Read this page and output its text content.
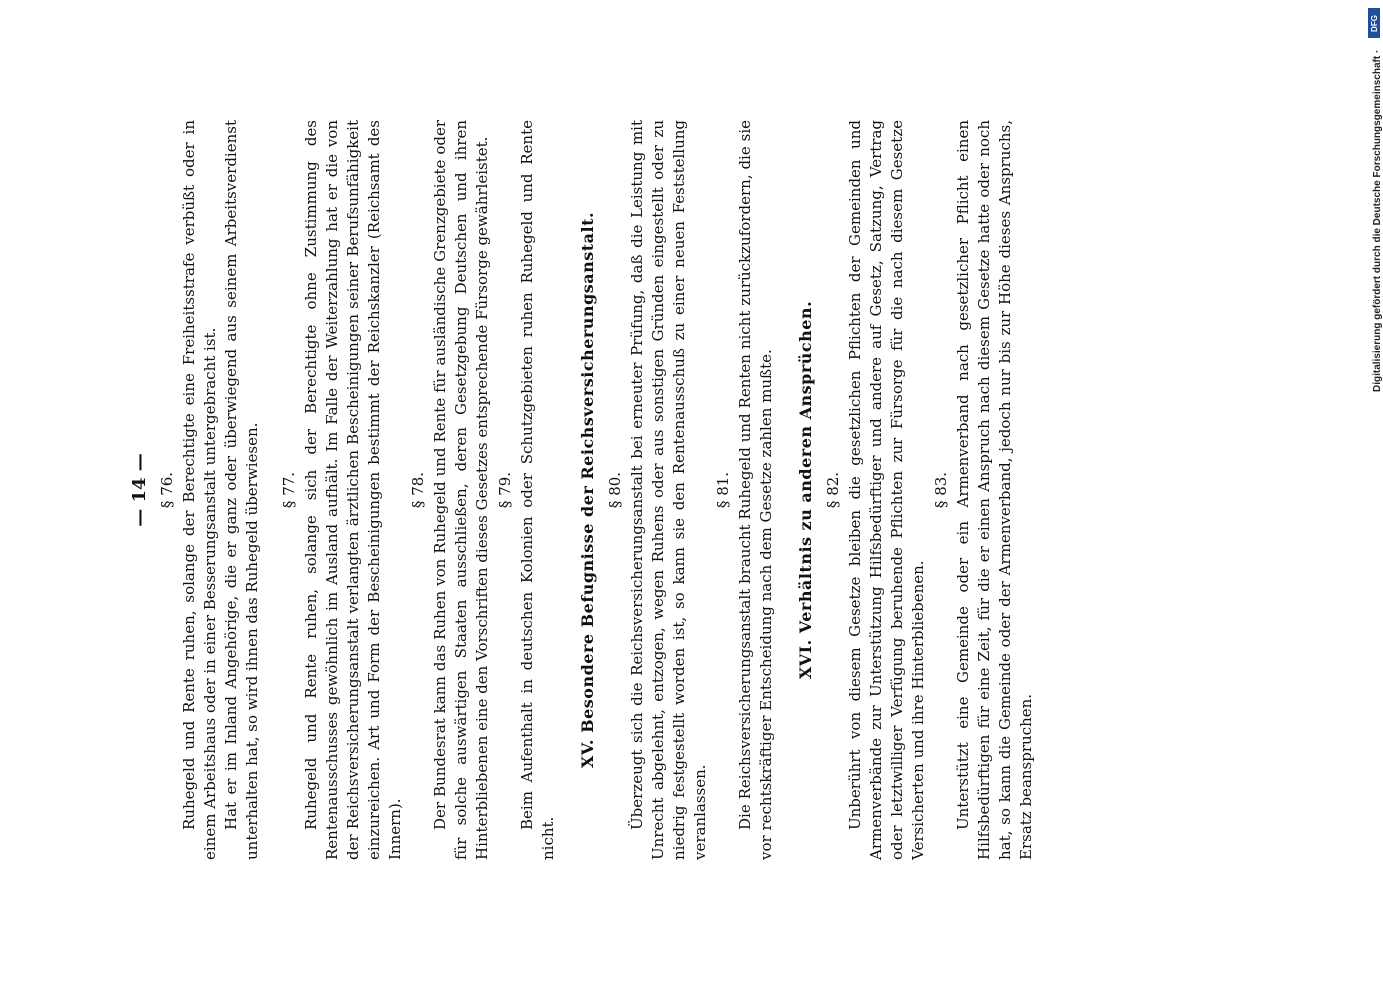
— 14 — § 76. Ruhegeld und Rente ruhen, solange der Berechtigte eine Freiheitsstrafe verbüßt oder in einem Arbeitshaus oder in einer Besserungsanstalt untergebracht ist. Hat er im Inland Angehörige, die er ganz oder überwiegend aus seinem Arbeitsverdienst unterhalten hat, so wird ihnen das Ruhegeld überwiesen. § 77. Ruhegeld und Rente ruhen, solange sich der Berechtigte ohne Zustimmung des Rentenausschusses gewöhnlich im Ausland aufhält. Im Falle der Weiterzahlung hat er die von der Reichsversicherungsanstalt verlangten ärztlichen Bescheinigungen seiner Berufsunfähigkeit einzureichen. Art und Form der Bescheinigungen bestimmt der Reichskanzler (Reichsamt des Innern).

§ 78. Der Bundesrat kann das Ruhen von Ruhegeld und Rente für ausländische Grenzgebiete oder für solche auswärtigen Staaten ausschließen, deren Gesetzgebung Deutschen und ihren Hinterbliebenen eine den Vorschriften dieses Gesetzes entsprechende Fürsorge gewährleistet. § 79. Beim Aufenthalt in deutschen Kolonien oder Schutzgebieten ruhen Ruhegeld und Rente nicht.

XV. Besondere Befugnisse der Reichsversicherungsanstalt. § 80. Überzeugt sich die Reichsversicherungsanstalt bei erneuter Prüfung, daß die Leistung mit Unrecht abgelehnt, entzogen, wegen Ruhens oder aus sonstigen Gründen eingestellt oder zu niedrig festgestellt worden ist, so kann sie den Rentenausschuß zu einer neuen Feststellung veranlassen.

§ 81. Die Reichsversicherungsanstalt braucht Ruhegeld und Renten nicht zurückzufordern, die sie vor rechtskräftiger Entscheidung nach dem Gesetze zahlen mußte.	XVI. Verhältnis zu anderen Ansprüchen. § 82. Unberührt von diesem Gesetze bleiben die gesetzlichen Pflichten der Gemeinden und Armenverbände zur Unterstützung Hilfsbedürftiger und andere auf Gesetz, Satzung, Vertrag oder letztwilliger Verfügung beruhende Pflichten zur Fürsorge für die nach diesem Gesetze Versicherten und ihre Hinterbliebenen.

§ 83. Unterstützt eine Gemeinde oder ein Armenverband nach gesetzlicher Pflicht einen Hilfsbedürftigen für eine Zeit, für die er einen Anspruch nach diesem Gesetze hatte oder noch hat, so kann die Gemeinde oder der Armenverband, jedoch nur bis zur Höhe dieses Anspruchs, Ersatz beanspruchen.

Digitalisierung gefördert durch die Deutsche Forschungsgemeinschaft ·
DFG
